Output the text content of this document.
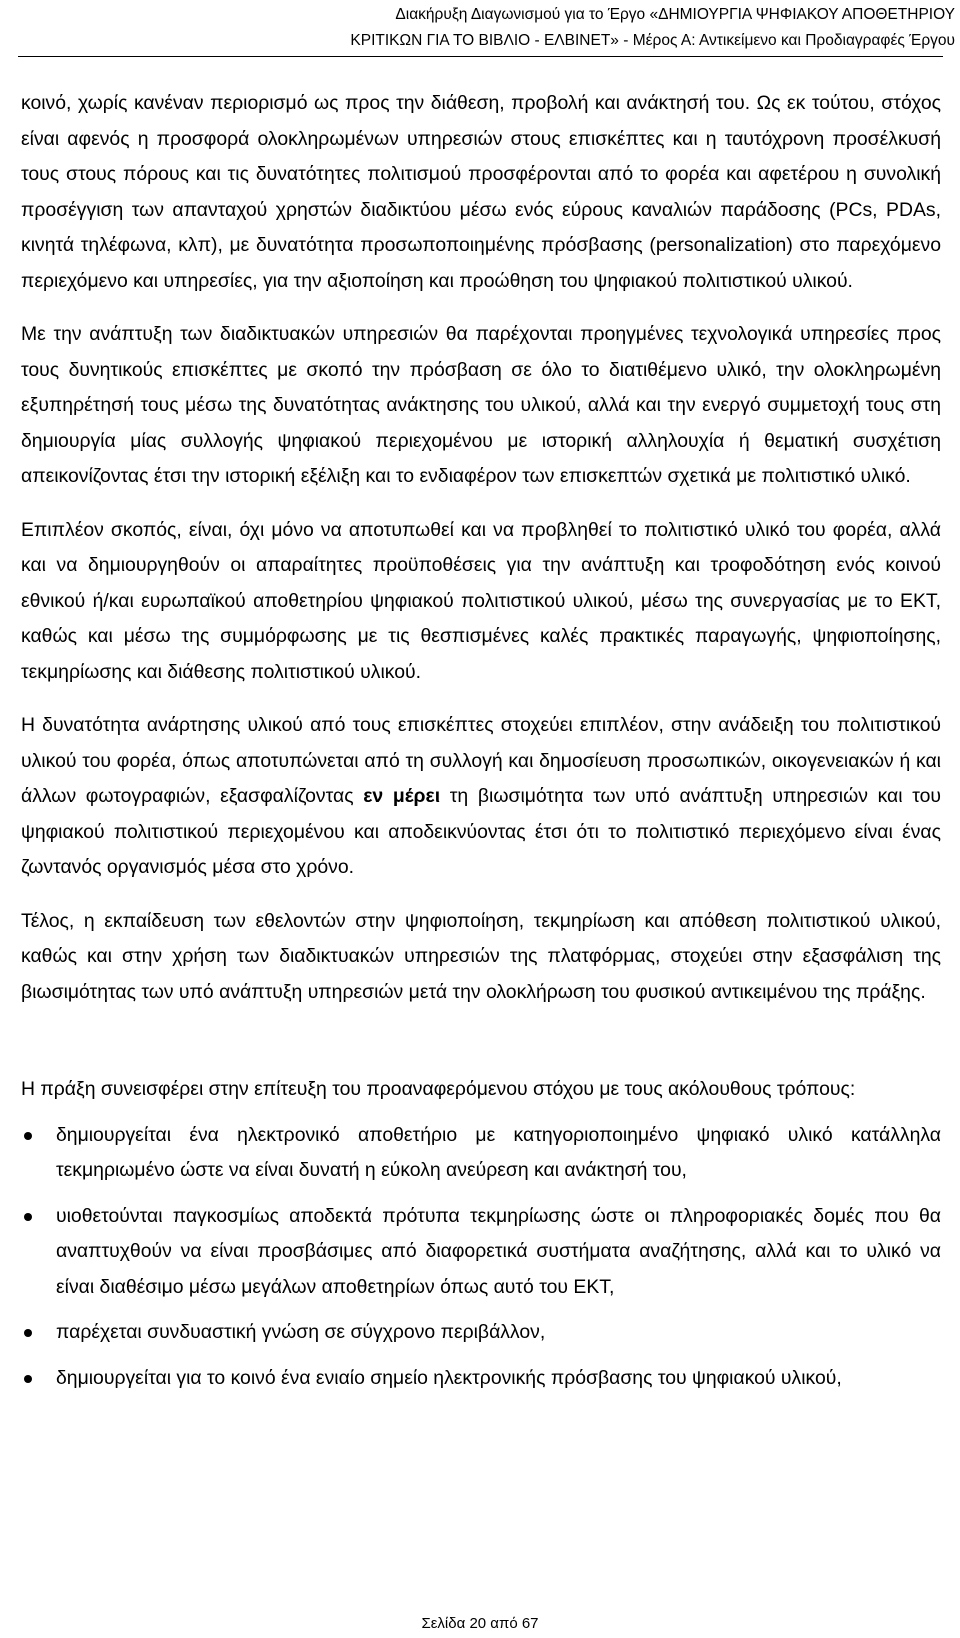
Διακήρυξη Διαγωνισμού για το Έργο «ΔΗΜΙΟΥΡΓΙΑ ΨΗΦΙΑΚΟΥ ΑΠΟΘΕΤΗΡΙΟΥ
ΚΡΙΤΙΚΩΝ ΓΙΑ ΤΟ ΒΙΒΛΙΟ - ΕΛΒΙΝΕΤ» - Μέρος Α: Αντικείμενο και Προδιαγραφές Έργου

κοινό, χωρίς κανέναν περιορισμό ως προς την διάθεση, προβολή και ανάκτησή του. Ως εκ τούτου, στόχος είναι αφενός η προσφορά ολοκληρωμένων υπηρεσιών στους επισκέπτες και η ταυτόχρονη προσέλκυσή τους στους πόρους και τις δυνατότητες πολιτισμού προσφέρονται από το φορέα και αφετέρου η συνολική προσέγγιση των απανταχού χρηστών διαδικτύου μέσω ενός εύρους καναλιών παράδοσης (PCs, PDAs, κινητά τηλέφωνα, κλπ), με δυνατότητα προσωποποιημένης πρόσβασης (personalization) στο παρεχόμενο περιεχόμενο και υπηρεσίες, για την αξιοποίηση και προώθηση του ψηφιακού πολιτιστικού υλικού.

Με την ανάπτυξη των διαδικτυακών υπηρεσιών θα παρέχονται προηγμένες τεχνολογικά υπηρεσίες προς τους δυνητικούς επισκέπτες με σκοπό την πρόσβαση σε όλο το διατιθέμενο υλικό, την ολοκληρωμένη εξυπηρέτησή τους μέσω της δυνατότητας ανάκτησης του υλικού, αλλά και την ενεργό συμμετοχή τους στη δημιουργία μίας συλλογής ψηφιακού περιεχομένου με ιστορική αλληλουχία ή θεματική συσχέτιση απεικονίζοντας έτσι την ιστορική εξέλιξη και το ενδιαφέρον των επισκεπτών σχετικά με πολιτιστικό υλικό.

Επιπλέον σκοπός, είναι, όχι μόνο να αποτυπωθεί και να προβληθεί το πολιτιστικό υλικό του φορέα, αλλά και να δημιουργηθούν οι απαραίτητες προϋποθέσεις για την ανάπτυξη και τροφοδότηση ενός κοινού εθνικού ή/και ευρωπαϊκού αποθετηρίου ψηφιακού πολιτιστικού υλικού, μέσω της συνεργασίας με το ΕΚΤ, καθώς και μέσω της συμμόρφωσης με τις θεσπισμένες καλές πρακτικές παραγωγής, ψηφιοποίησης, τεκμηρίωσης και διάθεσης πολιτιστικού υλικού.

Η δυνατότητα ανάρτησης υλικού από τους επισκέπτες στοχεύει επιπλέον, στην ανάδειξη του πολιτιστικού υλικού του φορέα, όπως αποτυπώνεται από τη συλλογή και δημοσίευση προσωπικών, οικογενειακών ή και άλλων φωτογραφιών, εξασφαλίζοντας εν μέρει τη βιωσιμότητα των υπό ανάπτυξη υπηρεσιών και του ψηφιακού πολιτιστικού περιεχομένου και αποδεικνύοντας έτσι ότι το πολιτιστικό περιεχόμενο είναι ένας ζωντανός οργανισμός μέσα στο χρόνο.

Τέλος, η εκπαίδευση των εθελοντών στην ψηφιοποίηση, τεκμηρίωση και απόθεση πολιτιστικού υλικού, καθώς και στην χρήση των διαδικτυακών υπηρεσιών της πλατφόρμας, στοχεύει στην εξασφάλιση της βιωσιμότητας των υπό ανάπτυξη υπηρεσιών μετά την ολοκλήρωση του φυσικού αντικειμένου της πράξης.

Η πράξη συνεισφέρει στην επίτευξη του προαναφερόμενου στόχου με τους ακόλουθους τρόπους:

δημιουργείται ένα ηλεκτρονικό αποθετήριο με κατηγοριοποιημένο ψηφιακό υλικό κατάλληλα τεκμηριωμένο ώστε να είναι δυνατή η εύκολη ανεύρεση και ανάκτησή του,
υιοθετούνται παγκοσμίως αποδεκτά πρότυπα τεκμηρίωσης ώστε οι πληροφοριακές δομές που θα αναπτυχθούν να είναι προσβάσιμες από διαφορετικά συστήματα αναζήτησης, αλλά και το υλικό να είναι διαθέσιμο μέσω μεγάλων αποθετηρίων όπως αυτό του ΕΚΤ,
παρέχεται συνδυαστική γνώση σε σύγχρονο περιβάλλον,
δημιουργείται για το κοινό ένα ενιαίο σημείο ηλεκτρονικής πρόσβασης του ψηφιακού υλικού,
Σελίδα 20 από 67
